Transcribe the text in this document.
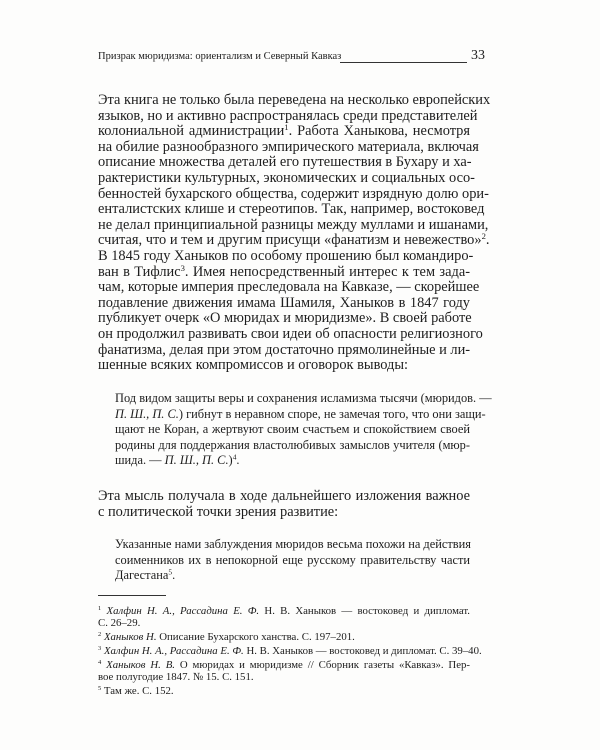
Призрак мюридизма: ориентализм и Северный Кавказ	33
Эта книга не только была переведена на несколько европейских
языков, но и активно распространялась среди представителей
колониальной администрации$^1$. Работа Ханыкова, несмотря
на обилие разнообразного эмпирического материала, включая
описание множества деталей его путешествия в Бухару и ха-
рактеристики культурных, экономических и социальных осо-
бенностей бухарского общества, содержит изрядную долю ори-
енталистских клише и стереотипов. Так, например, востоковед
не делал принципиальной разницы между муллами и ишанами,
считая, что и тем и другим присущи «фанатизм и невежество»$^2$.
В 1845 году Ханыков по особому прошению был командиро-
ван в Тифлис$^3$. Имея непосредственный интерес к тем зада-
чам, которые империя преследовала на Кавказе, — скорейшее
подавление движения имама Шамиля, Ханыков в 1847 году
публикует очерк «О мюридах и мюридизме». В своей работе
он продолжил развивать свои идеи об опасности религиозного
фанатизма, делая при этом достаточно прямолинейные и ли-
шенные всяких компромиссов и оговорок выводы:
Под видом защиты веры и сохранения исламизма тысячи (мюридов. —
П. Ш., П. С.) гибнут в неравном споре, не замечая того, что они защи-
щают не Коран, а жертвуют своим счастьем и спокойствием своей
родины для поддержания властолюбивых замыслов учителя (мюр-
шида. — П. Ш., П. С.)$^4$.
Эта мысль получала в ходе дальнейшего изложения важное
с политической точки зрения развитие:
Указанные нами заблуждения мюридов весьма похожи на действия
соименников их в непокорной еще русскому правительству части
Дагестана$^5$.
$^1$ Халфин Н. А., Рассадина Е. Ф. Н. В. Ханыков — востоковед и дипломат.
С. 26–29.
$^2$ Ханыков Н. Описание Бухарского ханства. С. 197–201.
$^3$ Халфин Н. А., Рассадина Е. Ф. Н. В. Ханыков — востоковед и дипломат. С. 39–40.
$^4$ Ханыков Н. В. О мюридах и мюридизме // Сборник газеты «Кавказ». Пер-
вое полугодие 1847. № 15. С. 151.
$^5$ Там же. С. 152.
